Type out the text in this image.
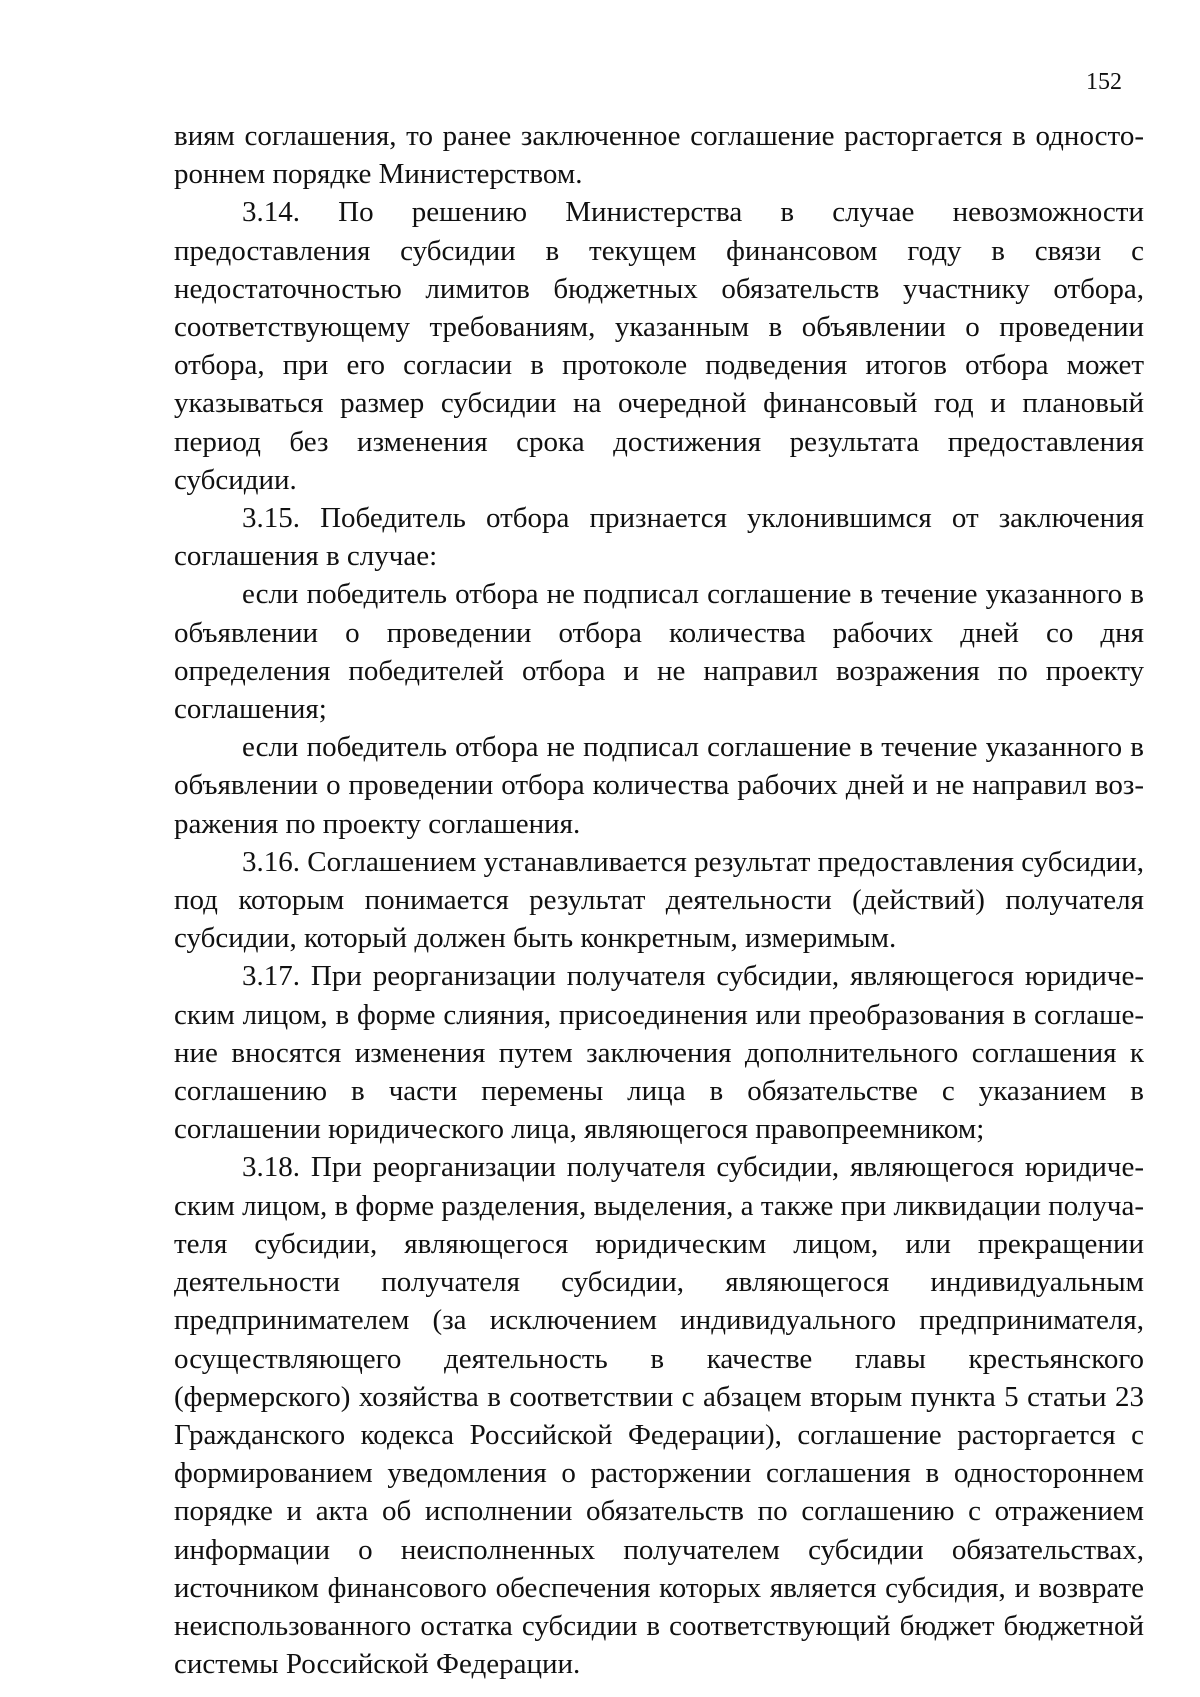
152

виям соглашения, то ранее заключенное соглашение расторгается в одностороннем порядке Министерством.

3.14. По решению Министерства в случае невозможности предоставления субсидии в текущем финансовом году в связи с недостаточностью лимитов бюджетных обязательств участнику отбора, соответствующему требованиям, указанным в объявлении о проведении отбора, при его согласии в протоколе подведения итогов отбора может указываться размер субсидии на очередной финансовый год и плановый период без изменения срока достижения результата предоставления субсидии.

3.15. Победитель отбора признается уклонившимся от заключения соглашения в случае:

если победитель отбора не подписал соглашение в течение указанного в объявлении о проведении отбора количества рабочих дней со дня определения победителей отбора и не направил возражения по проекту соглашения;

если победитель отбора не подписал соглашение в течение указанного в объявлении о проведении отбора количества рабочих дней и не направил возражения по проекту соглашения.

3.16. Соглашением устанавливается результат предоставления субсидии, под которым понимается результат деятельности (действий) получателя субсидии, который должен быть конкретным, измеримым.

3.17. При реорганизации получателя субсидии, являющегося юридическим лицом, в форме слияния, присоединения или преобразования в соглашение вносятся изменения путем заключения дополнительного соглашения к соглашению в части перемены лица в обязательстве с указанием в соглашении юридического лица, являющегося правопреемником;

3.18. При реорганизации получателя субсидии, являющегося юридическим лицом, в форме разделения, выделения, а также при ликвидации получателя субсидии, являющегося юридическим лицом, или прекращении деятельности получателя субсидии, являющегося индивидуальным предпринимателем (за исключением индивидуального предпринимателя, осуществляющего деятельность в качестве главы крестьянского (фермерского) хозяйства в соответствии с абзацем вторым пункта 5 статьи 23 Гражданского кодекса Российской Федерации), соглашение расторгается с формированием уведомления о расторжении соглашения в одностороннем порядке и акта об исполнении обязательств по соглашению с отражением информации о неисполненных получателем субсидии обязательствах, источником финансового обеспечения которых является субсидия, и возврате неиспользованного остатка субсидии в соответствующий бюджет бюджетной системы Российской Федерации.
